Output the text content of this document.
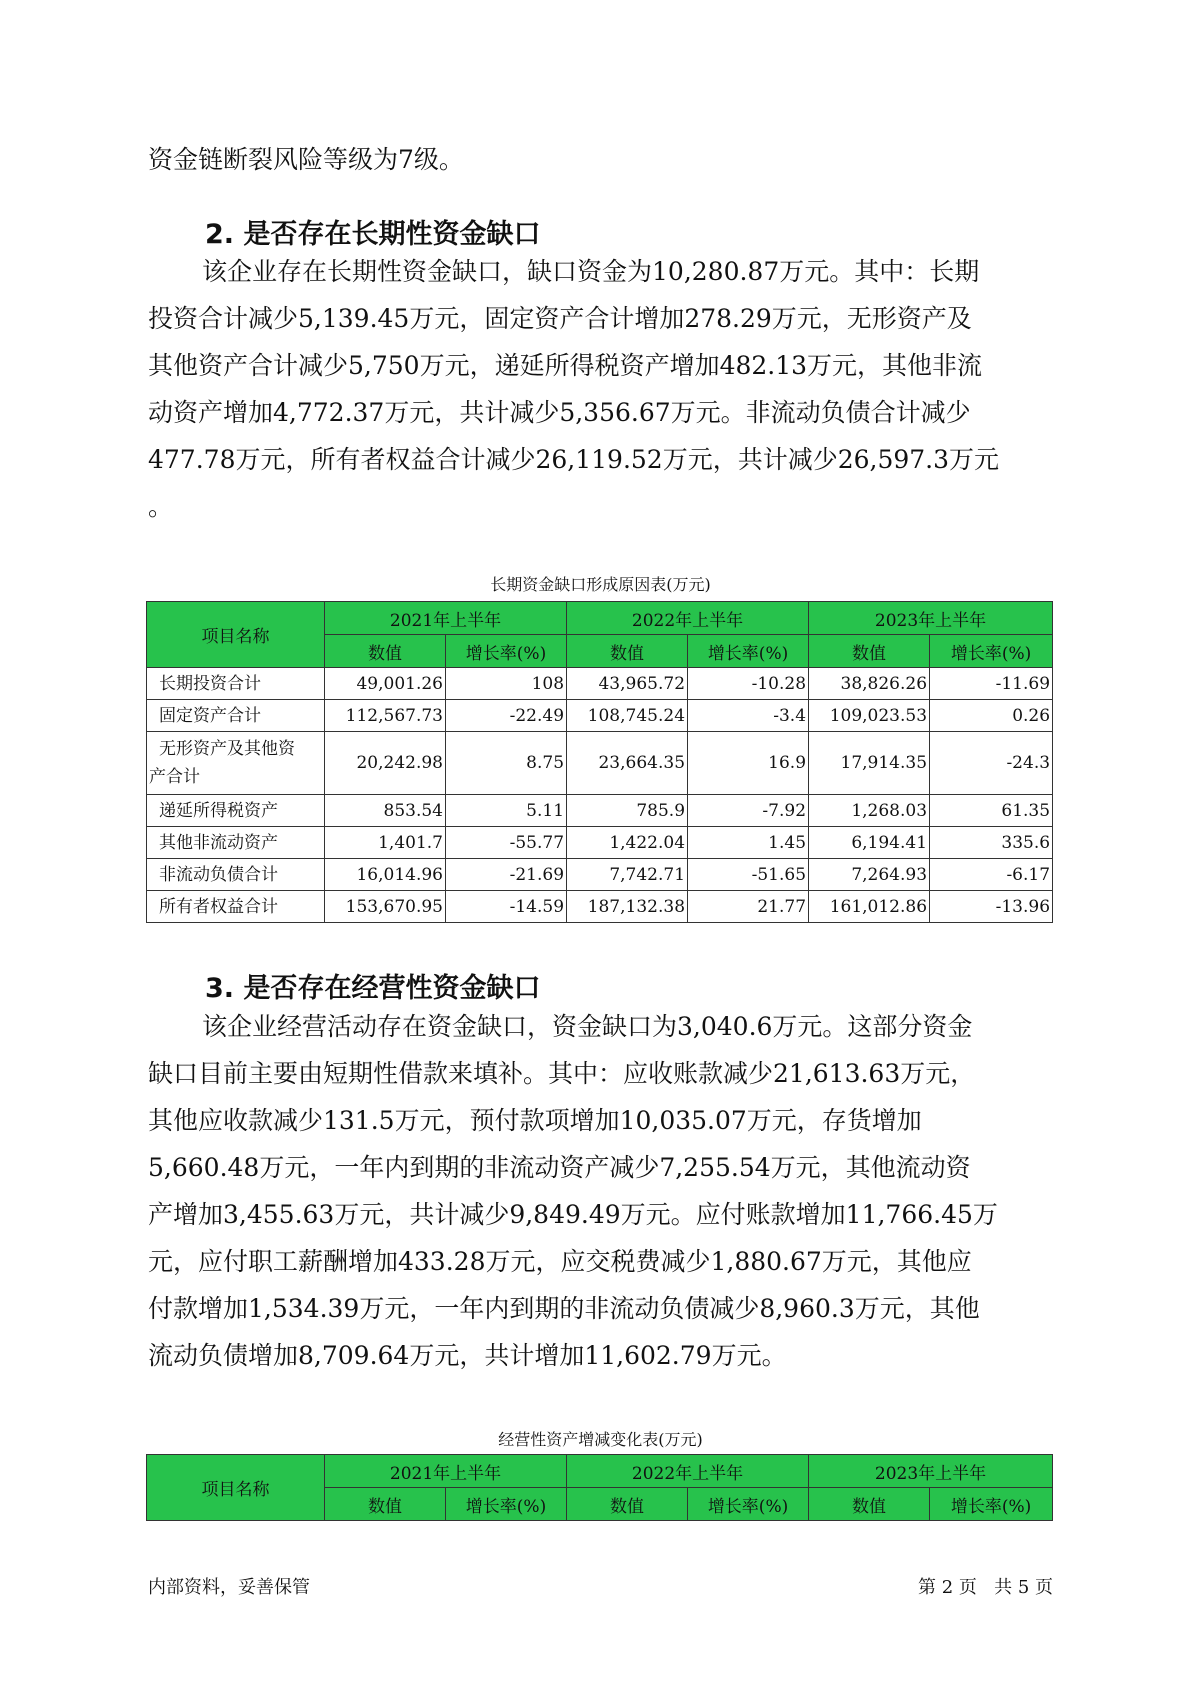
资金链断裂风险等级为7级。

2. 是否存在长期性资金缺口

该企业存在长期性资金缺口，缺口资金为10,280.87万元。其中：长期
投资合计减少5,139.45万元，固定资产合计增加278.29万元，无形资产及
其他资产合计减少5,750万元，递延所得税资产增加482.13万元，其他非流
动资产增加4,772.37万元，共计减少5,356.67万元。非流动负债合计减少
477.78万元，所有者权益合计减少26,119.52万元，共计减少26,597.3万元
。

长期资金缺口形成原因表(万元)

项目名称	2021年上半年		2022年上半年		2023年上半年	
	数值	增长率(%)	数值	增长率(%)	数值	增长率(%)

长期投资合计	49,001.26	108	43,965.72	-10.28	38,826.26	-11.69

固定资产合计	112,567.73	-22.49	108,745.24	-3.4	109,023.53	0.26

无形资产及其他资
产合计	20,242.98	8.75	23,664.35	16.9	17,914.35	-24.3

递延所得税资产	853.54	5.11	785.9	-7.92	1,268.03	61.35

其他非流动资产	1,401.7	-55.77	1,422.04	1.45	6,194.41	335.6

非流动负债合计	16,014.96	-21.69	7,742.71	-51.65	7,264.93	-6.17

所有者权益合计	153,670.95	-14.59	187,132.38	21.77	161,012.86	-13.96
3. 是否存在经营性资金缺口

该企业经营活动存在资金缺口，资金缺口为3,040.6万元。这部分资金
缺口目前主要由短期性借款来填补。其中：应收账款减少21,613.63万元，
其他应收款减少131.5万元，预付款项增加10,035.07万元，存货增加
5,660.48万元，一年内到期的非流动资产减少7,255.54万元，其他流动资
产增加3,455.63万元，共计减少9,849.49万元。应付账款增加11,766.45万
元，应付职工薪酬增加433.28万元，应交税费减少1,880.67万元，其他应
付款增加1,534.39万元，一年内到期的非流动负债减少8,960.3万元，其他
流动负债增加8,709.64万元，共计增加11,602.79万元。

经营性资产增减变化表(万元)

项目名称	2021年上半年		2022年上半年		2023年上半年	
	数值	增长率(%)	数值	增长率(%)	数值	增长率(%)

内部资料，妥善保管	第 2 页   共 5 页
